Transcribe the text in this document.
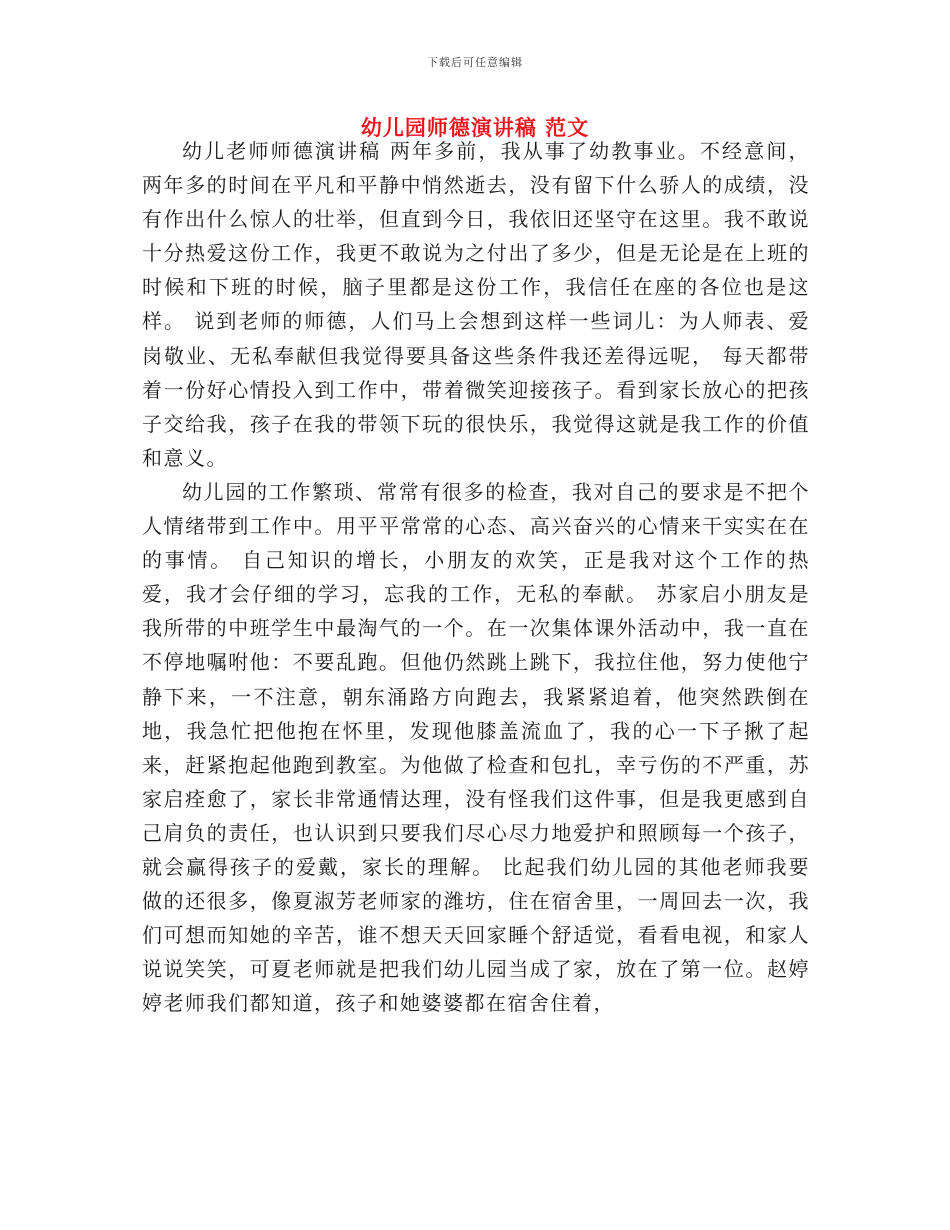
下载后可任意编辑
幼儿园师德演讲稿 范文

幼儿老师师德演讲稿 两年多前，我从事了幼教事业。不经意间，两年多的时间在平凡和平静中悄然逝去，没有留下什么骄人的成绩，没有作出什么惊人的壮举，但直到今日，我依旧还坚守在这里。我不敢说十分热爱这份工作，我更不敢说为之付出了多少，但是无论是在上班的时候和下班的时候，脑子里都是这份工作，我信任在座的各位也是这样。 说到老师的师德，人们马上会想到这样一些词儿：为人师表、爱岗敬业、无私奉献但我觉得要具备这些条件我还差得远呢， 每天都带着一份好心情投入到工作中，带着微笑迎接孩子。看到家长放心的把孩子交给我，孩子在我的带领下玩的很快乐，我觉得这就是我工作的价值和意义。

幼儿园的工作繁琐、常常有很多的检查，我对自己的要求是不把个人情绪带到工作中。用平平常常的心态、高兴奋兴的心情来干实实在在的事情。 自己知识的增长，小朋友的欢笑，正是我对这个工作的热爱，我才会仔细的学习，忘我的工作，无私的奉献。 苏家启小朋友是我所带的中班学生中最淘气的一个。在一次集体课外活动中，我一直在不停地嘱咐他：不要乱跑。但他仍然跳上跳下，我拉住他，努力使他宁静下来，一不注意，朝东涌路方向跑去，我紧紧追着，他突然跌倒在地，我急忙把他抱在怀里，发现他膝盖流血了，我的心一下子揪了起来，赶紧抱起他跑到教室。为他做了检查和包扎，幸亏伤的不严重，苏家启痊愈了，家长非常通情达理，没有怪我们这件事，但是我更感到自己肩负的责任，也认识到只要我们尽心尽力地爱护和照顾每一个孩子，就会赢得孩子的爱戴，家长的理解。 比起我们幼儿园的其他老师我要做的还很多，像夏淑芳老师家的潍坊，住在宿舍里，一周回去一次，我们可想而知她的辛苦，谁不想天天回家睡个舒适觉，看看电视，和家人说说笑笑，可夏老师就是把我们幼儿园当成了家，放在了第一位。赵婷婷老师我们都知道，孩子和她婆婆都在宿舍住着，
